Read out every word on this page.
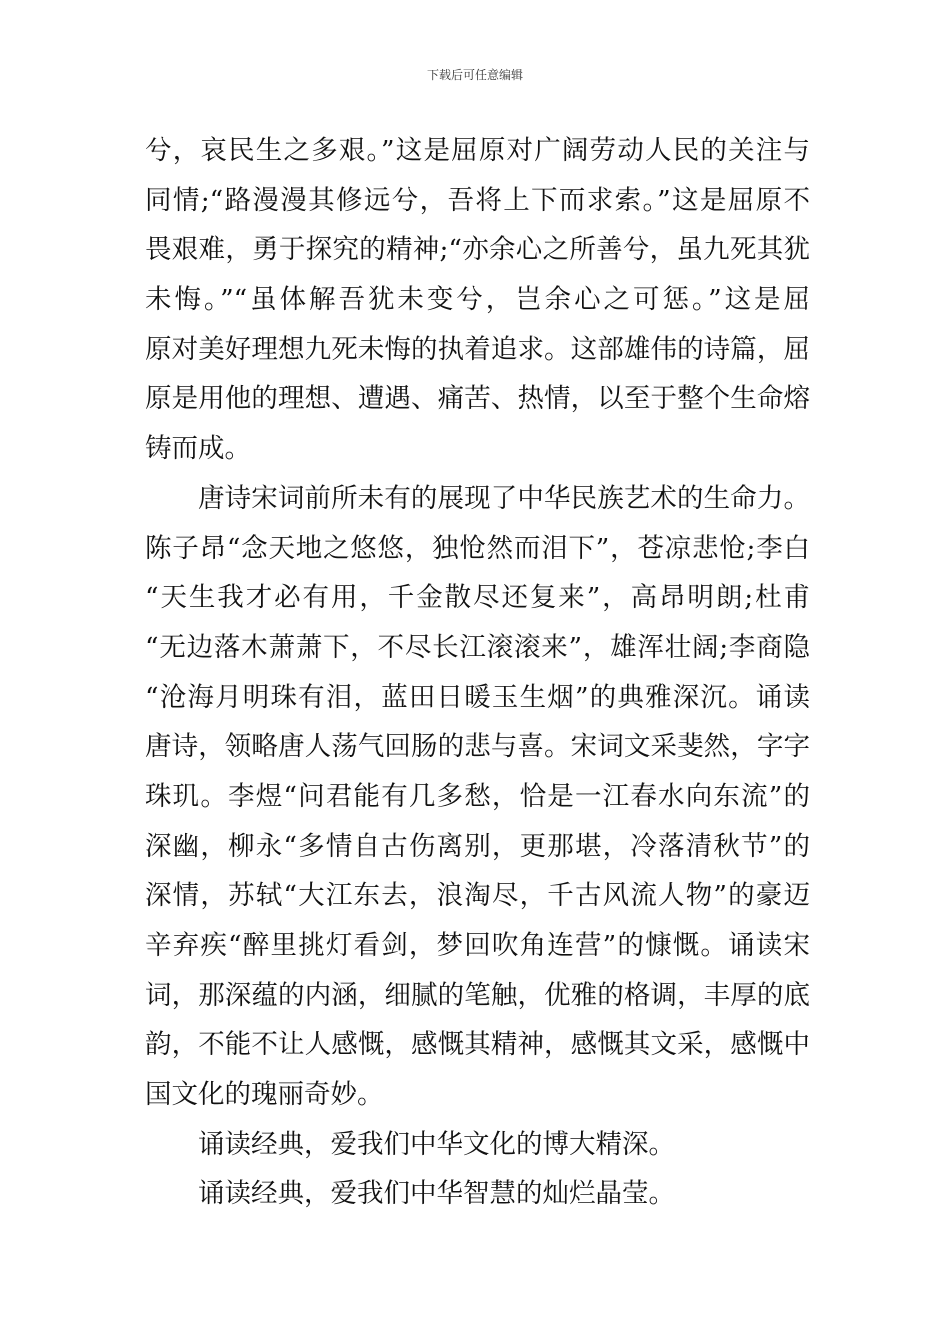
下载后可任意编辑
兮，哀民生之多艰。”这是屈原对广阔劳动人民的关注与
同情;“路漫漫其修远兮，吾将上下而求索。”这是屈原不
畏艰难，勇于探究的精神;“亦余心之所善兮，虽九死其犹
未悔。”“虽体解吾犹未变兮，岂余心之可惩。”这是屈
原对美好理想九死未悔的执着追求。这部雄伟的诗篇，屈
原是用他的理想、遭遇、痛苦、热情，以至于整个生命熔
铸而成。
唐诗宋词前所未有的展现了中华民族艺术的生命力。
陈子昂“念天地之悠悠，独怆然而泪下”，苍凉悲怆;李白
“天生我才必有用，千金散尽还复来”，高昂明朗;杜甫
“无边落木萧萧下，不尽长江滚滚来”，雄浑壮阔;李商隐
“沧海月明珠有泪，蓝田日暖玉生烟”的典雅深沉。诵读
唐诗，领略唐人荡气回肠的悲与喜。宋词文采斐然，字字
珠玑。李煜“问君能有几多愁，恰是一江春水向东流”的
深幽，柳永“多情自古伤离别，更那堪，冷落清秋节”的
深情，苏轼“大江东去，浪淘尽，千古风流人物”的豪迈
辛弃疾“醉里挑灯看剑，梦回吹角连营”的慷慨。诵读宋
词，那深蕴的内涵，细腻的笔触，优雅的格调，丰厚的底
韵，不能不让人感慨，感慨其精神，感慨其文采，感慨中
国文化的瑰丽奇妙。
诵读经典，爱我们中华文化的博大精深。
诵读经典，爱我们中华智慧的灿烂晶莹。
